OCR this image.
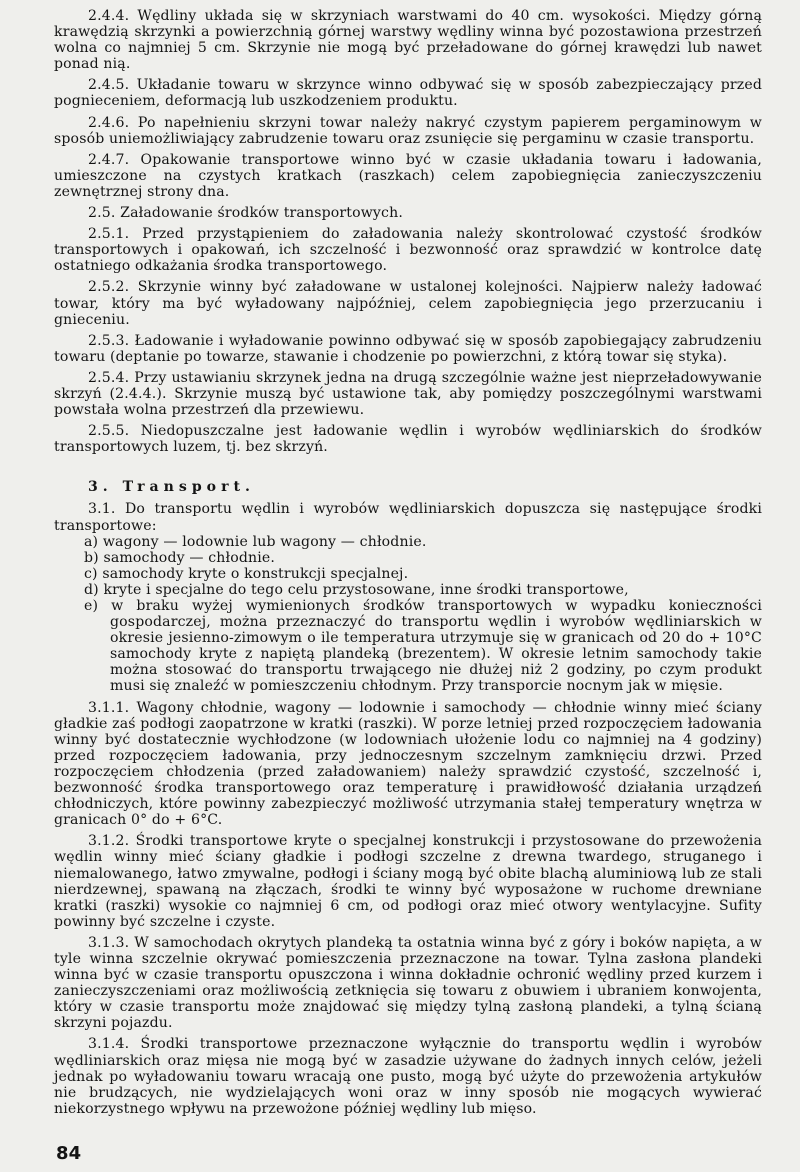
2.4.4. Wędliny układa się w skrzyniach warstwami do 40 cm. wysokości. Między górną krawędzią skrzynki a powierzchnią górnej warstwy wędliny winna być pozostawiona przestrzeń wolna co najmniej 5 cm. Skrzynie nie mogą być przeładowane do górnej krawędzi lub nawet ponad nią.

2.4.5. Układanie towaru w skrzynce winno odbywać się w sposób zabezpieczający przed pognieceniem, deformacją lub uszkodzeniem produktu.

2.4.6. Po napełnieniu skrzyni towar należy nakryć czystym papierem pergaminowym w sposób uniemożliwiający zabrudzenie towaru oraz zsunięcie się pergaminu w czasie transportu.

2.4.7. Opakowanie transportowe winno być w czasie układania towaru i ładowania, umieszczone na czystych kratkach (raszkach) celem zapobiegnięcia zanieczyszczeniu zewnętrznej strony dna.

2.5. Załadowanie środków transportowych.

2.5.1. Przed przystąpieniem do załadowania należy skontrolować czystość środków transportowych i opakowań, ich szczelność i bezwonność oraz sprawdzić w kontrolce datę ostatniego odkażania środka transportowego.

2.5.2. Skrzynie winny być załadowane w ustalonej kolejności. Najpierw należy ładować towar, który ma być wyładowany najpóźniej, celem zapobiegnięcia jego przerzucaniu i gnieceniu.

2.5.3. Ładowanie i wyładowanie powinno odbywać się w sposób zapobiegający zabrudzeniu towaru (deptanie po towarze, stawanie i chodzenie po powierzchni, z którą towar się styka).

2.5.4. Przy ustawianiu skrzynek jedna na drugą szczególnie ważne jest nieprzeładowywanie skrzyń (2.4.4.). Skrzynie muszą być ustawione tak, aby pomiędzy poszczególnymi warstwami powstała wolna przestrzeń dla przewiewu.

2.5.5. Niedopuszczalne jest ładowanie wędlin i wyrobów wędliniarskich do środków transportowych luzem, tj. bez skrzyń.

3. Transport.

3.1. Do transportu wędlin i wyrobów wędliniarskich dopuszcza się następujące środki transportowe:

a) wagony — lodownie lub wagony — chłodnie.
b) samochody — chłodnie.
c) samochody kryte o konstrukcji specjalnej.
d) kryte i specjalne do tego celu przystosowane, inne środki transportowe,
e) w braku wyżej wymienionych środków transportowych w wypadku konieczności gospodarczej, można przeznaczyć do transportu wędlin i wyrobów wędliniarskich w okresie jesienno-zimowym o ile temperatura utrzymuje się w granicach od 20 do + 10°C samochody kryte z napiętą plandeką (brezentem). W okresie letnim samochody takie można stosować do transportu trwającego nie dłużej niż 2 godziny, po czym produkt musi się znaleźć w pomieszczeniu chłodnym. Przy transporcie nocnym jak w mięsie.

3.1.1. Wagony chłodnie, wagony — lodownie i samochody — chłodnie winny mieć ściany gładkie zaś podłogi zaopatrzone w kratki (raszki). W porze letniej przed rozpoczęciem ładowania winny być dostatecznie wychłodzone (w lodowniach ułożenie lodu co najmniej na 4 godziny) przed rozpoczęciem ładowania, przy jednoczesnym szczelnym zamknięciu drzwi. Przed rozpoczęciem chłodzenia (przed załadowaniem) należy sprawdzić czystość, szczelność i, bezwonność środka transportowego oraz temperaturę i prawidłowość działania urządzeń chłodniczych, które powinny zabezpieczyć możliwość utrzymania stałej temperatury wnętrza w granicach 0° do + 6°C.

3.1.2. Środki transportowe kryte o specjalnej konstrukcji i przystosowane do przewożenia wędlin winny mieć ściany gładkie i podłogi szczelne z drewna twardego, struganego i niemalowanego, łatwo zmywalne, podłogi i ściany mogą być obite blachą aluminiową lub ze stali nierdzewnej, spawaną na złączach, środki te winny być wyposażone w ruchome drewniane kratki (raszki) wysokie co najmniej 6 cm, od podłogi oraz mieć otwory wentylacyjne. Sufity powinny być szczelne i czyste.

3.1.3. W samochodach okrytych plandeką ta ostatnia winna być z góry i boków napięta, a w tyle winna szczelnie okrywać pomieszczenia przeznaczone na towar. Tylna zasłona plandeki winna być w czasie transportu opuszczona i winna dokładnie ochronić wędliny przed kurzem i zanieczyszczeniami oraz możliwością zetknięcia się towaru z obuwiem i ubraniem konwojenta, który w czasie transportu może znajdować się między tylną zasłoną plandeki, a tylną ścianą skrzyni pojazdu.

3.1.4. Środki transportowe przeznaczone wyłącznie do transportu wędlin i wyrobów wędliniarskich oraz mięsa nie mogą być w zasadzie używane do żadnych innych celów, jeżeli jednak po wyładowaniu towaru wracają one pusto, mogą być użyte do przewożenia artykułów nie brudzących, nie wydzielających woni oraz w inny sposób nie mogących wywierać niekorzystnego wpływu na przewożone później wędliny lub mięso.

84
